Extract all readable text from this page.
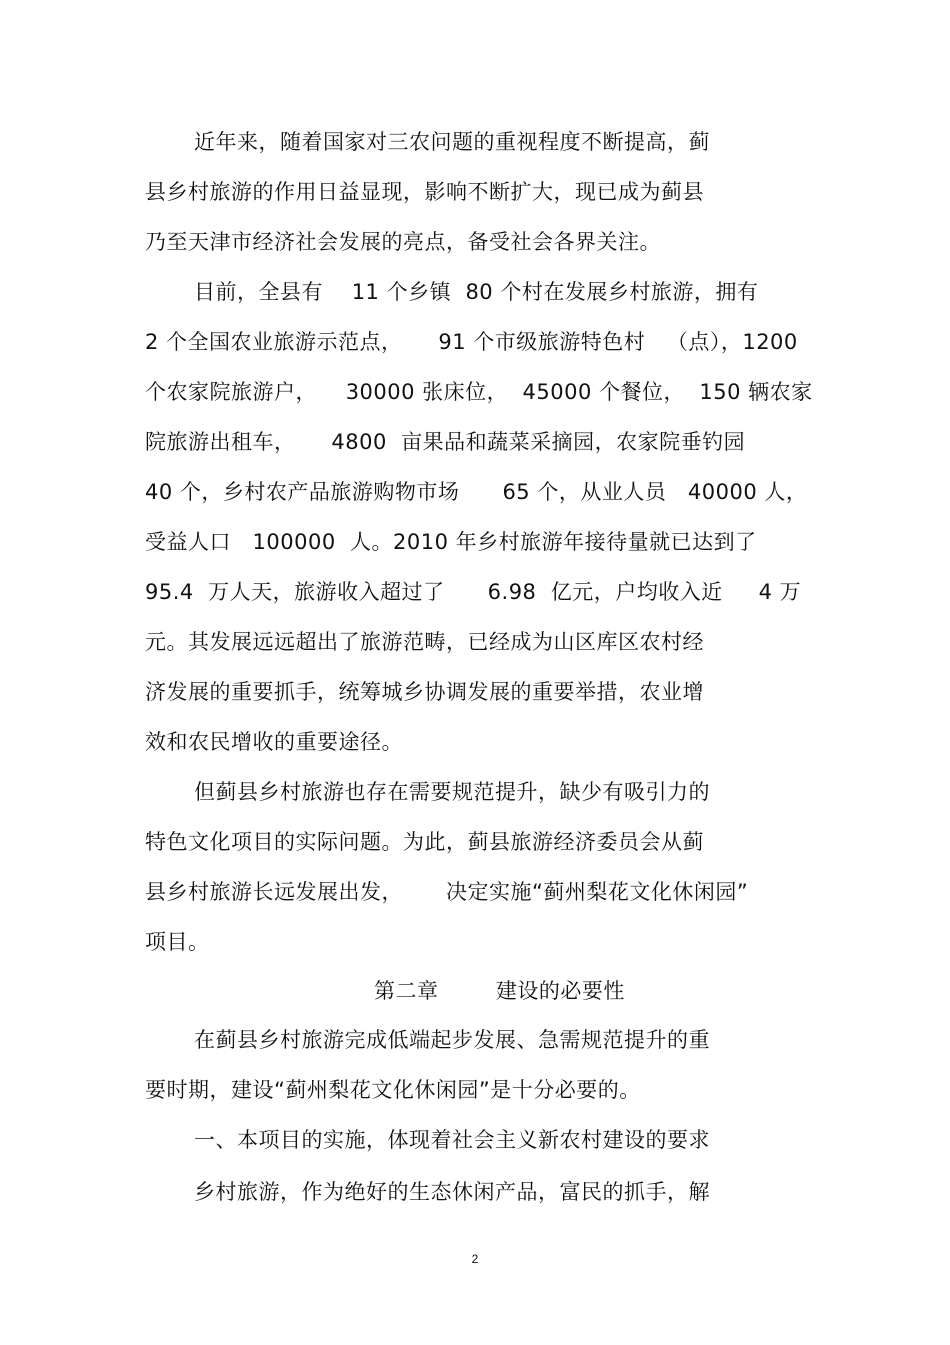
近年来，随着国家对三农问题的重视程度不断提高，蓟
县乡村旅游的作用日益显现，影响不断扩大，现已成为蓟县
乃至天津市经济社会发展的亮点，备受社会各界关注。
目前，全县有    11 个乡镇  80 个村在发展乡村旅游，拥有
2 个全国农业旅游示范点，     91 个市级旅游特色村   （点），1200
个农家院旅游户，    30000 张床位，  45000 个餐位，  150 辆农家
院旅游出租车，     4800  亩果品和蔬菜采摘园，农家院垂钓园
40 个，乡村农产品旅游购物市场      65 个，从业人员   40000 人，
受益人口   100000  人。2010 年乡村旅游年接待量就已达到了
95.4  万人天，旅游收入超过了      6.98  亿元，户均收入近     4 万
元。其发展远远超出了旅游范畴，已经成为山区库区农村经
济发展的重要抓手，统筹城乡协调发展的重要举措，农业增
效和农民增收的重要途径。
但蓟县乡村旅游也存在需要规范提升，缺少有吸引力的
特色文化项目的实际问题。为此，蓟县旅游经济委员会从蓟
县乡村旅游长远发展出发，      决定实施“蓟州梨花文化休闲园”
项目。
第二章        建设的必要性
在蓟县乡村旅游完成低端起步发展、急需规范提升的重
要时期，建设“蓟州梨花文化休闲园”是十分必要的。
一、本项目的实施，体现着社会主义新农村建设的要求
乡村旅游，作为绝好的生态休闲产品，富民的抓手，解
2
